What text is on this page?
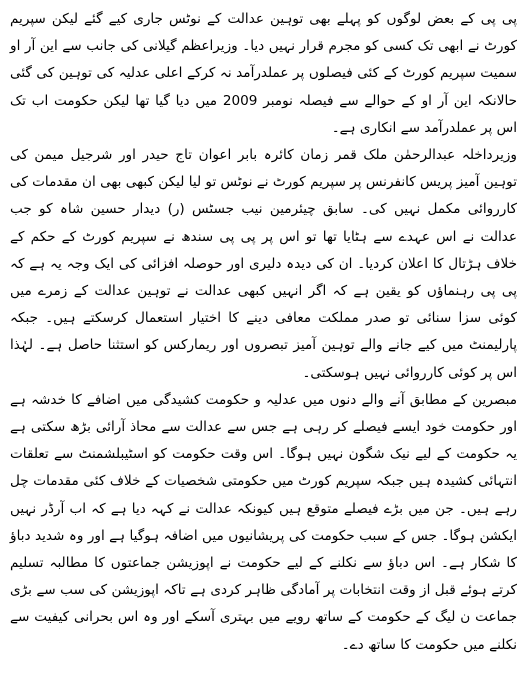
پی پی کے بعض لوگوں کو پہلے بھی توہین عدالت کے نوٹس جاری کیے گئے لیکن سپریم کورٹ نے ابھی تک کسی کو مجرم قرار نہیں دیا۔ وزیراعظم گیلانی کی جانب سے این آر او سمیت سپریم کورٹ کے کئی فیصلوں پر عملدرآمد نہ کرکے اعلی عدلیہ کی توہین کی گئی حالانکہ این آر او کے حوالے سے فیصلہ نومبر 2009 میں دیا گیا تھا لیکن حکومت اب تک اس پر عملدرآمد سے انکاری ہے۔

وزیرداخلہ عبدالرحمٰن ملک قمر زمان کائرہ بابر اعوان تاج حیدر اور شرجیل میمن کی توہین آمیز پریس کانفرنس پر سپریم کورٹ نے نوٹس تو لیا لیکن کبھی بھی ان مقدمات کی کارروائی مکمل نہیں کی۔ سابق چیئرمین نیب جسٹس (ر) دیدار حسین شاہ کو جب عدالت نے اس عہدے سے ہٹایا تھا تو اس پر پی پی سندھ نے سپریم کورٹ کے حکم کے خلاف ہڑتال کا اعلان کردیا۔ ان کی دیدہ دلیری اور حوصلہ افزائی کی ایک وجہ یہ ہے کہ پی پی رہنماؤں کو یقین ہے کہ اگر انہیں کبھی عدالت نے توہین عدالت کے زمرے میں کوئی سزا سنائی تو صدر مملکت معافی دینے کا اختیار استعمال کرسکتے ہیں۔ جبکہ پارلیمنٹ میں کیے جانے والے توہین آمیز تبصروں اور ریمارکس کو استثنا حاصل ہے۔ لہٰذا اس پر کوئی کارروائی نہیں ہوسکتی۔

مبصرین کے مطابق آنے والے دنوں میں عدلیہ و حکومت کشیدگی میں اضافے کا خدشہ ہے اور حکومت خود ایسے فیصلے کر رہی ہے جس سے عدالت سے محاذ آرائی بڑھ سکتی ہے یہ حکومت کے لیے نیک شگون نہیں ہوگا۔ اس وقت حکومت کو اسٹیبلشمنٹ سے تعلقات انتہائی کشیدہ ہیں جبکہ سپریم کورٹ میں حکومتی شخصیات کے خلاف کئی مقدمات چل رہے ہیں۔ جن میں بڑے فیصلے متوقع ہیں کیونکہ عدالت نے کہہ دیا ہے کہ اب آرڈر نہیں ایکشن ہوگا۔ جس کے سبب حکومت کی پریشانیوں میں اضافہ ہوگیا ہے اور وہ شدید دباؤ کا شکار ہے۔ اس دباؤ سے نکلنے کے لیے حکومت نے اپوزیشن جماعتوں کا مطالبہ تسلیم کرتے ہوئے قبل از وقت انتخابات پر آمادگی ظاہر کردی ہے تاکہ اپوزیشن کی سب سے بڑی جماعت ن لیگ کے حکومت کے ساتھ رویے میں بہتری آسکے اور وہ اس بحرانی کیفیت سے نکلنے میں حکومت کا ساتھ دے۔
